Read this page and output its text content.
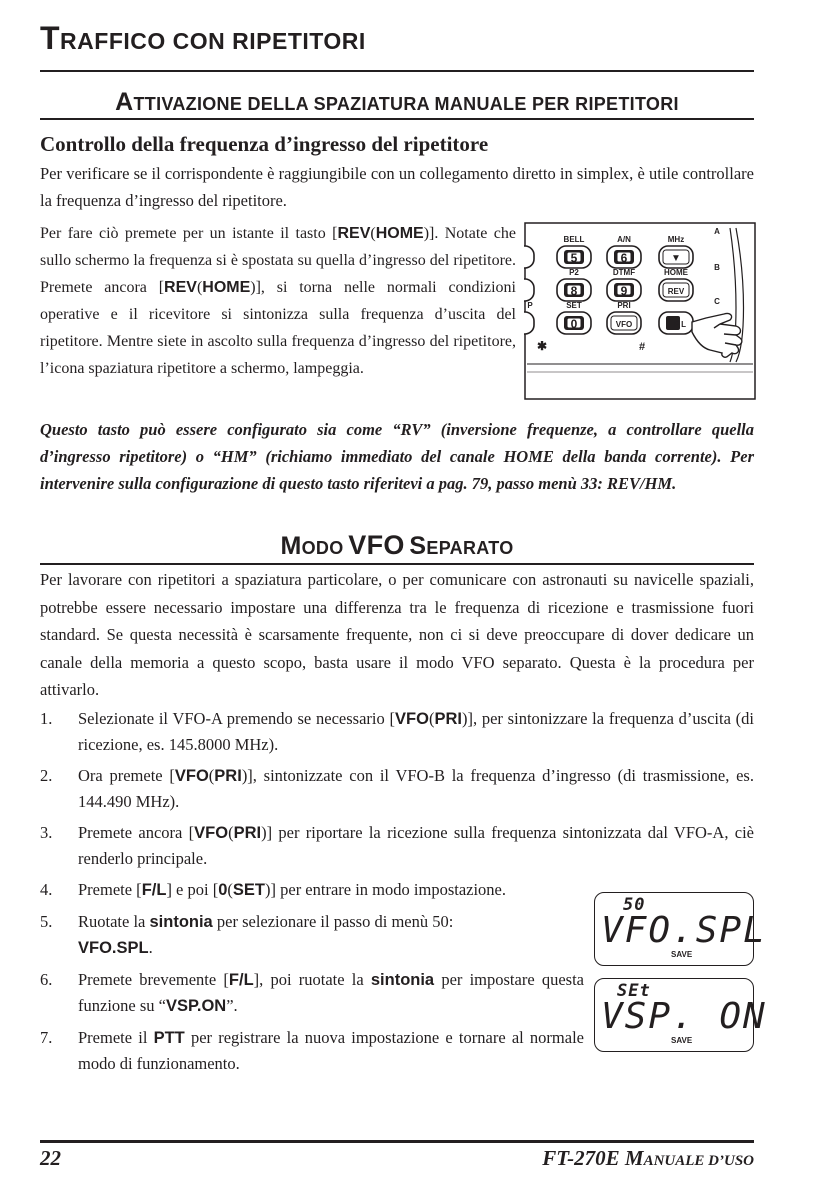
TRAFFICO CON RIPETITORI
ATTIVAZIONE DELLA SPAZIATURA MANUALE PER RIPETITORI
Controllo della frequenza d’ingresso del ripetitore
Per verificare se il corrispondente è raggiungibile con un collegamento diretto in simplex, è utile controllare la frequenza d’ingresso del ripetitore.
Per fare ciò premete per un istante il tasto [REV(HOME)]. Notate che sullo schermo la frequenza si è spostata su quella d’ingresso del ripetitore. Premete ancora [REV(HOME)], si torna nelle normali condizioni operative e il ricevitore si sintonizza sulla frequenza d’uscita del ripetitore. Mentre siete in ascolto sulla frequenza d’ingresso del ripetitore, l’icona spaziatura ripetitore a schermo, lampeggia.
BELL	A/N	MHz
P2	DTMF	HOME
SET	PRI
A
B
C
P
5	6	▼
8	9	REV
0	VFO	F L
✱	#
Questo tasto può essere configurato sia come “RV” (inversione frequenze, a controllare quella d’ingresso ripetitore) o “HM” (richiamo immediato del canale HOME della banda corrente). Per intervenire sulla configurazione di questo tasto riferitevi a pag. 79, passo menù 33: REV/HM.
MODO VFO SEPARATO
Per lavorare con ripetitori a spaziatura particolare, o per comunicare con astronauti su navicelle spaziali, potrebbe essere necessario impostare una differenza tra le frequenza di ricezione e trasmissione fuori standard. Se questa necessità è scarsamente frequente, non ci si deve preoccupare di dover dedicare un canale della memoria a questo scopo, basta usare il modo VFO separato. Questa è la procedura per attivarlo.
1. Selezionate il VFO-A premendo se necessario [VFO(PRI)], per sintonizzare la frequenza d’uscita (di ricezione, es. 145.8000 MHz).
2. Ora premete [VFO(PRI)], sintonizzate con il VFO-B la frequenza d’ingresso (di trasmissione, es. 144.490 MHz).
3. Premete ancora [VFO(PRI)] per riportare la ricezione sulla frequenza sintonizzata dal VFO-A, ciè renderlo principale.
4. Premete [F/L] e poi [0(SET)] per entrare in modo impostazione.
5. Ruotate la sintonia per selezionare il passo di menù 50:
VFO.SPL.
6. Premete brevemente [F/L], poi ruotate la sintonia per impostare questa funzione su “VSP.ON”.
7. Premete il PTT per registrare la nuova impostazione e tornare al normale modo di funzionamento.
50
VFO.SPL
SAVE
SEt
VSP. ON
SAVE
22	FT-270E MANUALE D’USO
